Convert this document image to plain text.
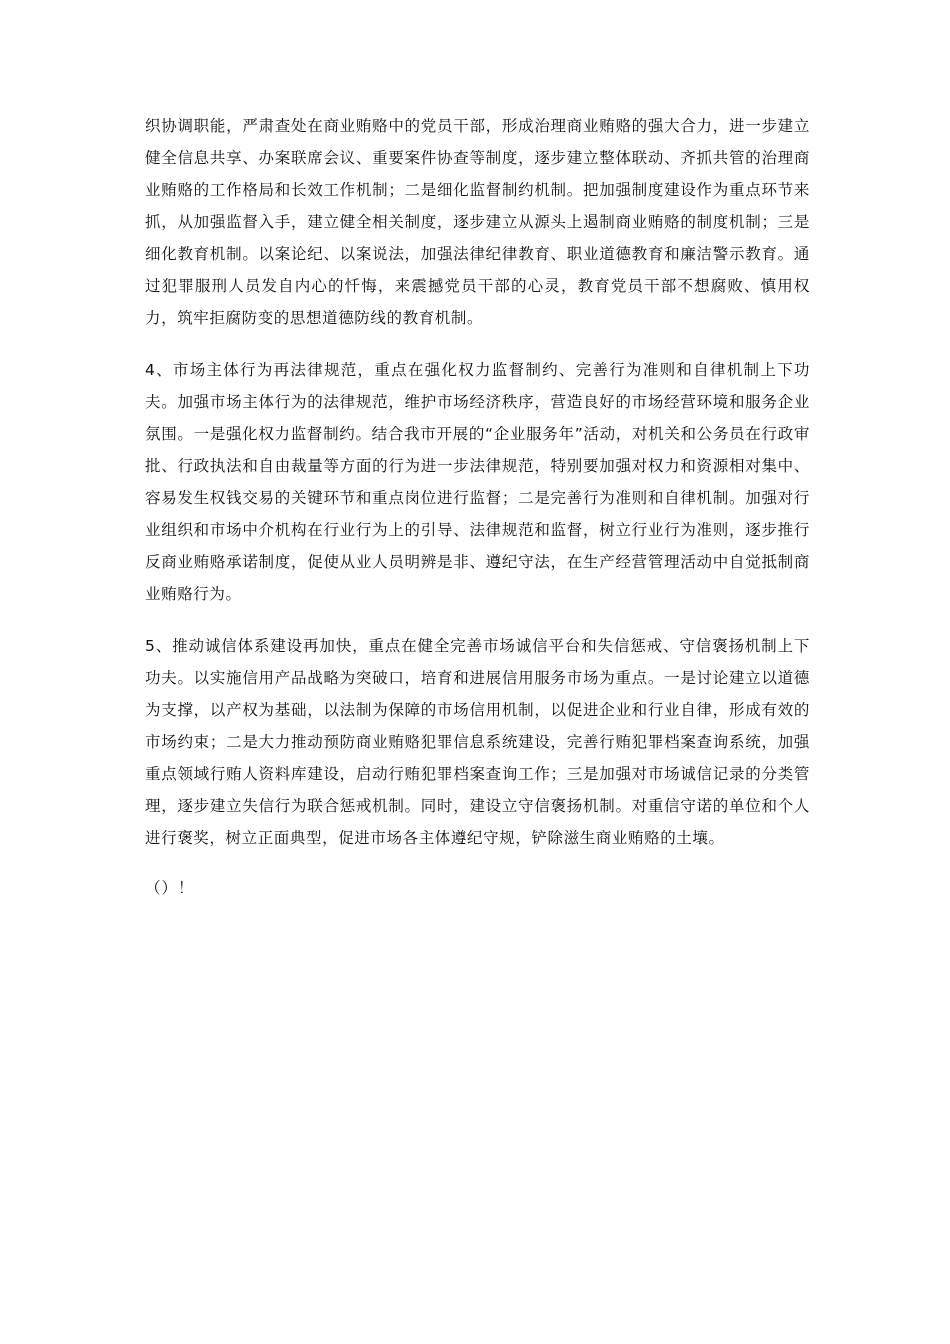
织协调职能，严肃查处在商业贿赂中的党员干部，形成治理商业贿赂的强大合力，进一步建立健全信息共享、办案联席会议、重要案件协查等制度，逐步建立整体联动、齐抓共管的治理商业贿赂的工作格局和长效工作机制；二是细化监督制约机制。把加强制度建设作为重点环节来抓，从加强监督入手，建立健全相关制度，逐步建立从源头上遏制商业贿赂的制度机制；三是细化教育机制。以案论纪、以案说法，加强法律纪律教育、职业道德教育和廉洁警示教育。通过犯罪服刑人员发自内心的忏悔，来震撼党员干部的心灵，教育党员干部不想腐败、慎用权力，筑牢拒腐防变的思想道德防线的教育机制。

4、市场主体行为再法律规范，重点在强化权力监督制约、完善行为准则和自律机制上下功夫。加强市场主体行为的法律规范，维护市场经济秩序，营造良好的市场经营环境和服务企业氛围。一是强化权力监督制约。结合我市开展的“企业服务年”活动，对机关和公务员在行政审批、行政执法和自由裁量等方面的行为进一步法律规范，特别要加强对权力和资源相对集中、容易发生权钱交易的关键环节和重点岗位进行监督；二是完善行为准则和自律机制。加强对行业组织和市场中介机构在行业行为上的引导、法律规范和监督，树立行业行为准则，逐步推行反商业贿赂承诺制度，促使从业人员明辨是非、遵纪守法，在生产经营管理活动中自觉抵制商业贿赂行为。

5、推动诚信体系建设再加快，重点在健全完善市场诚信平台和失信惩戒、守信褒扬机制上下功夫。以实施信用产品战略为突破口，培育和进展信用服务市场为重点。一是讨论建立以道德为支撑，以产权为基础，以法制为保障的市场信用机制，以促进企业和行业自律，形成有效的市场约束；二是大力推动预防商业贿赂犯罪信息系统建设，完善行贿犯罪档案查询系统，加强重点领域行贿人资料库建设，启动行贿犯罪档案查询工作；三是加强对市场诚信记录的分类管理，逐步建立失信行为联合惩戒机制。同时，建设立守信褒扬机制。对重信守诺的单位和个人进行褒奖，树立正面典型，促进市场各主体遵纪守规，铲除滋生商业贿赂的土壤。

（）！
